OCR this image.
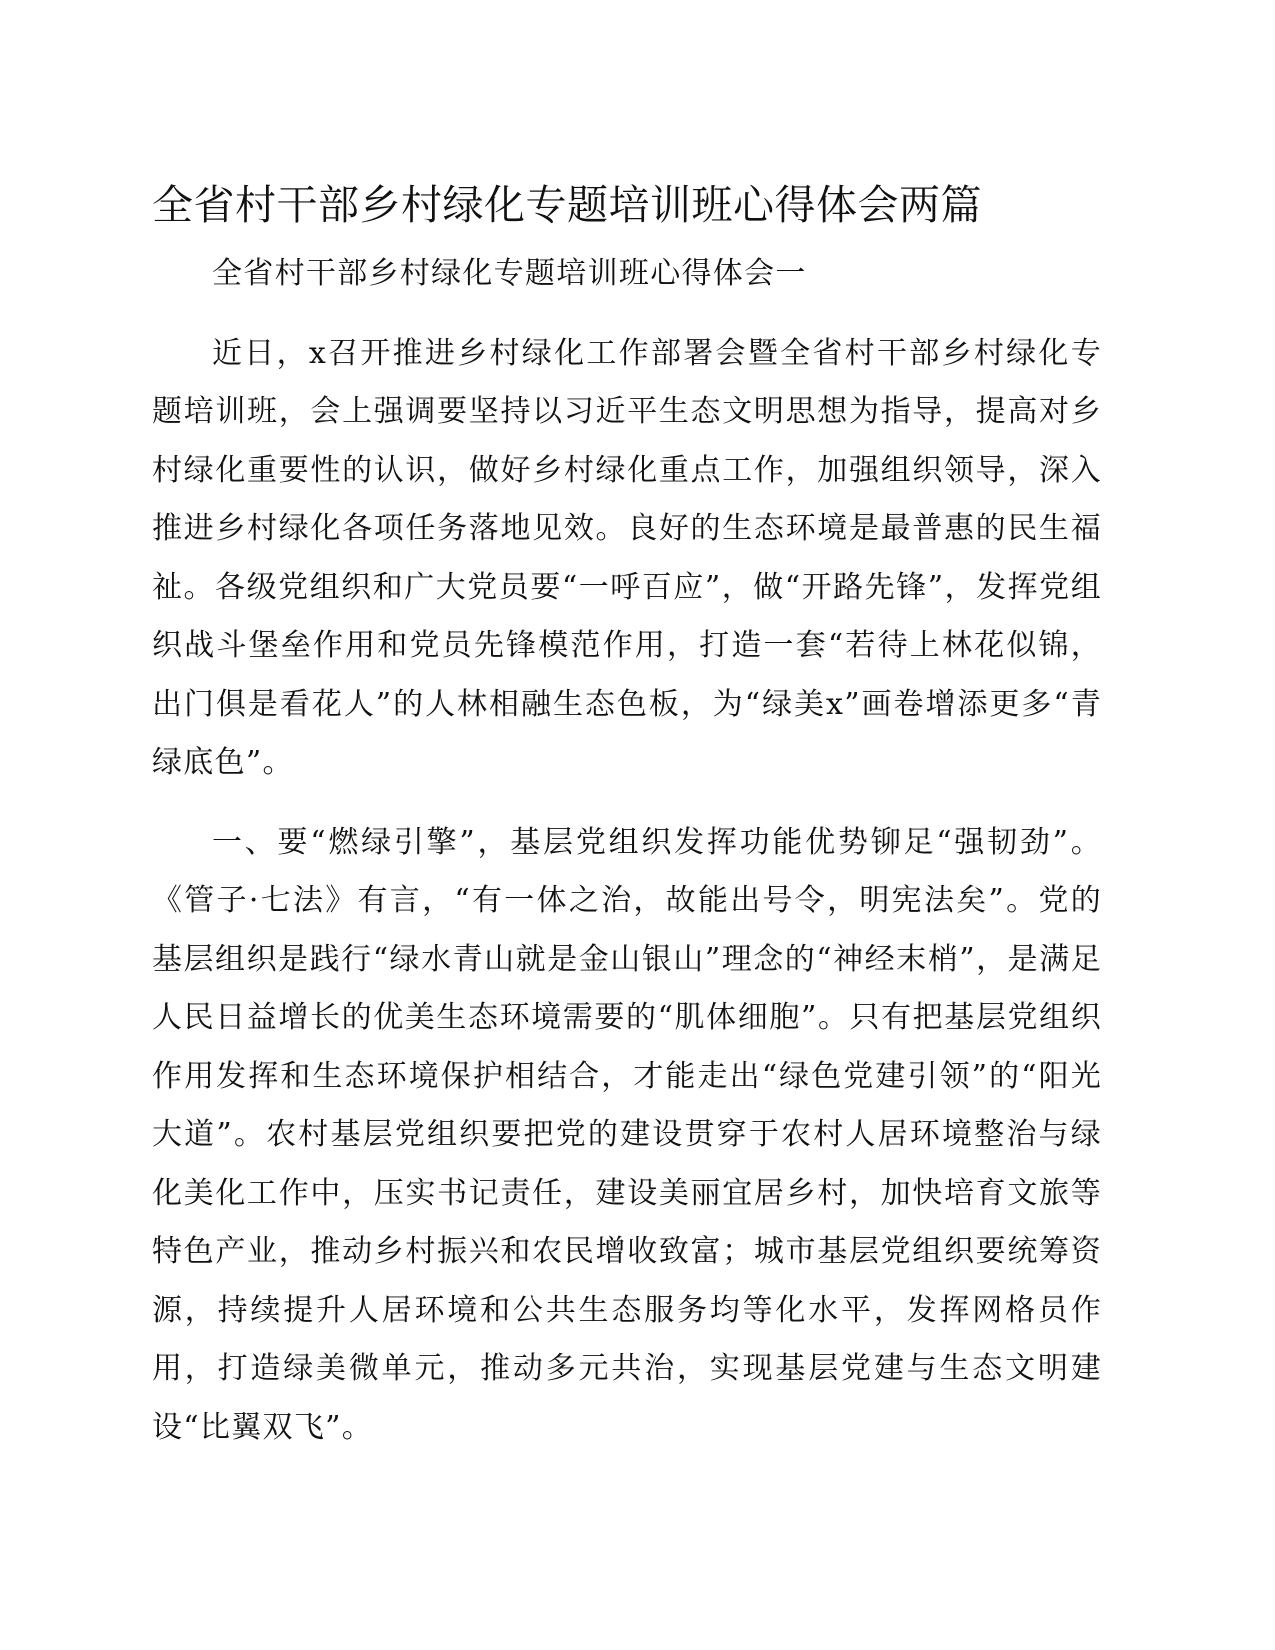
全省村干部乡村绿化专题培训班心得体会两篇

全省村干部乡村绿化专题培训班心得体会一

近日，x召开推进乡村绿化工作部署会暨全省村干部乡村绿化专题培训班，会上强调要坚持以习近平生态文明思想为指导，提高对乡村绿化重要性的认识，做好乡村绿化重点工作，加强组织领导，深入推进乡村绿化各项任务落地见效。良好的生态环境是最普惠的民生福祉。各级党组织和广大党员要“一呼百应”，做“开路先锋”，发挥党组织战斗堡垒作用和党员先锋模范作用，打造一套“若待上林花似锦，出门俱是看花人”的人林相融生态色板，为“绿美x”画卷增添更多“青绿底色”。

一、要“燃绿引擎”，基层党组织发挥功能优势铆足“强韧劲”。《管子·七法》有言，“有一体之治，故能出号令，明宪法矣”。党的基层组织是践行“绿水青山就是金山银山”理念的“神经末梢”，是满足人民日益增长的优美生态环境需要的“肌体细胞”。只有把基层党组织作用发挥和生态环境保护相结合，才能走出“绿色党建引领”的“阳光大道”。农村基层党组织要把党的建设贯穿于农村人居环境整治与绿化美化工作中，压实书记责任，建设美丽宜居乡村，加快培育文旅等特色产业，推动乡村振兴和农民增收致富；城市基层党组织要统筹资源，持续提升人居环境和公共生态服务均等化水平，发挥网格员作用，打造绿美微单元，推动多元共治，实现基层党建与生态文明建设“比翼双飞”。
